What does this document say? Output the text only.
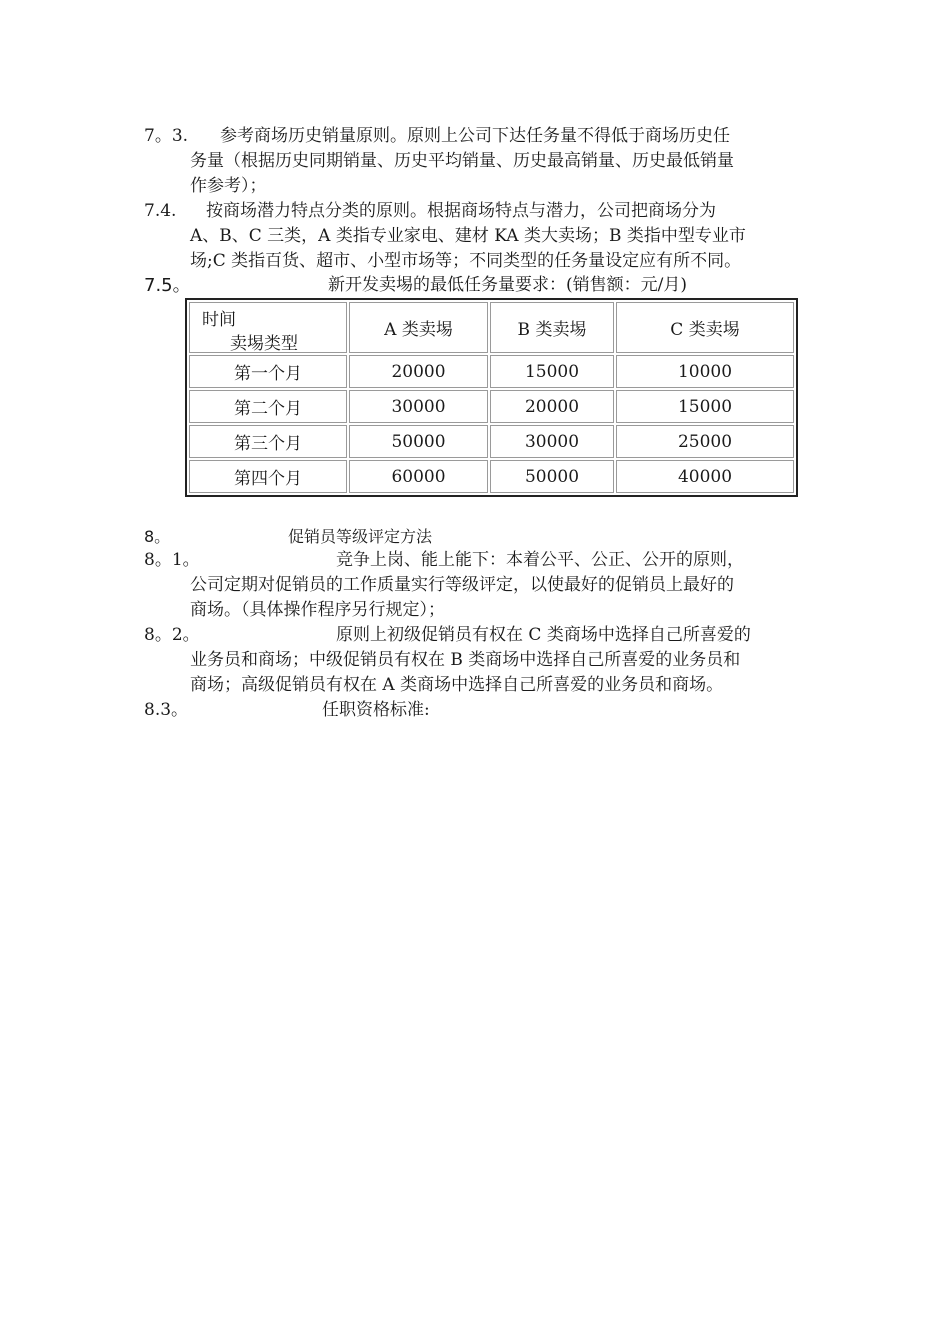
7。3. 参考商场历史销量原则。原则上公司下达任务量不得低于商场历史任
务量（根据历史同期销量、历史平均销量、历史最高销量、历史最低销量
作参考）；
7.4. 按商场潜力特点分类的原则。根据商场特点与潜力，公司把商场分为
A、B、C 三类，A 类指专业家电、建材 KA 类大卖场；B 类指中型专业市
场;C 类指百货、超市、小型市场等；不同类型的任务量设定应有所不同。
7.5。	新开发卖埸的最低任务量要求：(销售额：元/月)
时间
卖埸类型	A 类卖埸	B 类卖埸	C 类卖埸
第一个月	20000	15000	10000
第二个月	30000	20000	15000
第三个月	50000	30000	25000
第四个月	60000	50000	40000
8。	促销员等级评定方法
8。1。	竞争上岗、能上能下：本着公平、公正、公开的原则，
公司定期对促销员的工作质量实行等级评定，以使最好的促销员上最好的
商场。（具体操作程序另行规定）；
8。2。	原则上初级促销员有权在 C 类商场中选择自己所喜爱的
业务员和商场；中级促销员有权在 B 类商场中选择自己所喜爱的业务员和
商场；高级促销员有权在 A 类商场中选择自己所喜爱的业务员和商场。
8.3。	任职资格标准:
